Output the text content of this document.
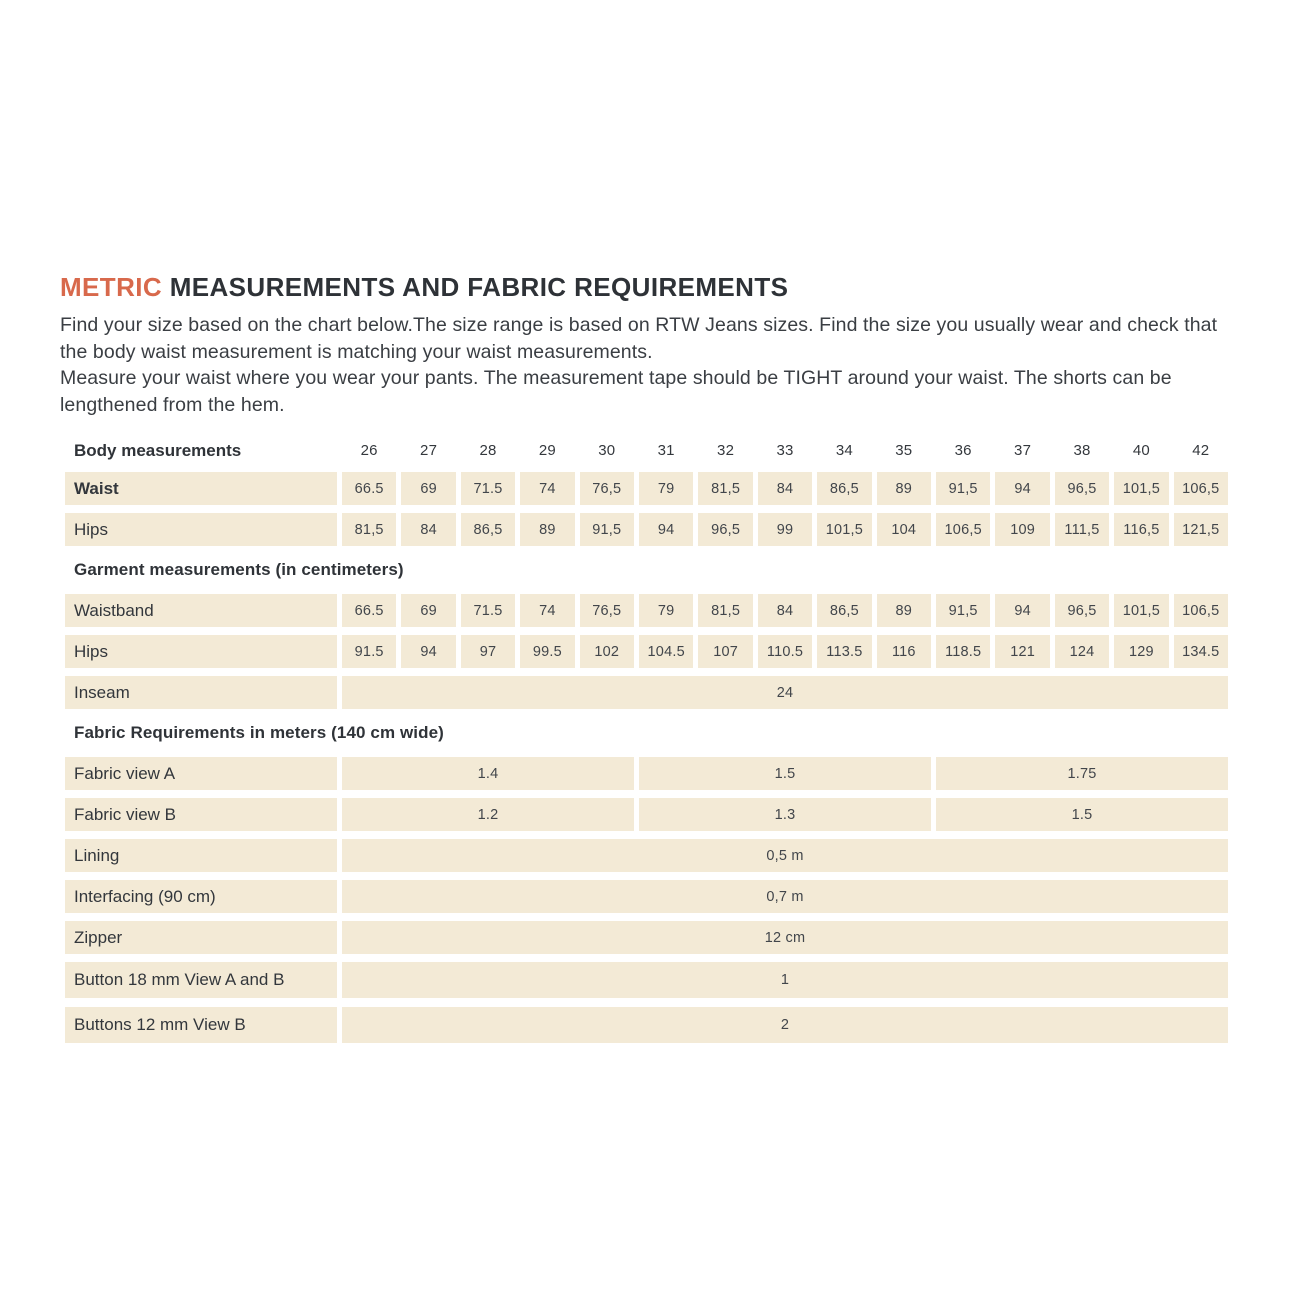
METRIC MEASUREMENTS AND FABRIC REQUIREMENTS

Find your size based on the chart below.The size range is based on RTW Jeans sizes. Find the size you usually wear and check that the body waist measurement is matching your waist measurements.

Measure your waist where you wear your pants. The measurement tape should be TIGHT around your waist. The shorts can be lengthened from the hem.

Body measurements	26	27	28	29	30	31	32	33	34	35	36	37	38	40	42
Waist	66.5	69	71.5	74	76,5	79	81,5	84	86,5	89	91,5	94	96,5	101,5	106,5
Hips	81,5	84	86,5	89	91,5	94	96,5	99	101,5	104	106,5	109	111,5	116,5	121,5
Garment measurements (in centimeters)
Waistband	66.5	69	71.5	74	76,5	79	81,5	84	86,5	89	91,5	94	96,5	101,5	106,5
Hips	91.5	94	97	99.5	102	104.5	107	110.5	113.5	116	118.5	121	124	129	134.5
Inseam	24
Fabric Requirements in meters (140 cm wide)
Fabric view A	1.4	1.5	1.75
Fabric view B	1.2	1.3	1.5
Lining	0,5 m
Interfacing (90 cm)	0,7 m
Zipper	12 cm
Button 18 mm View A and B	1
Buttons 12 mm View B	2
